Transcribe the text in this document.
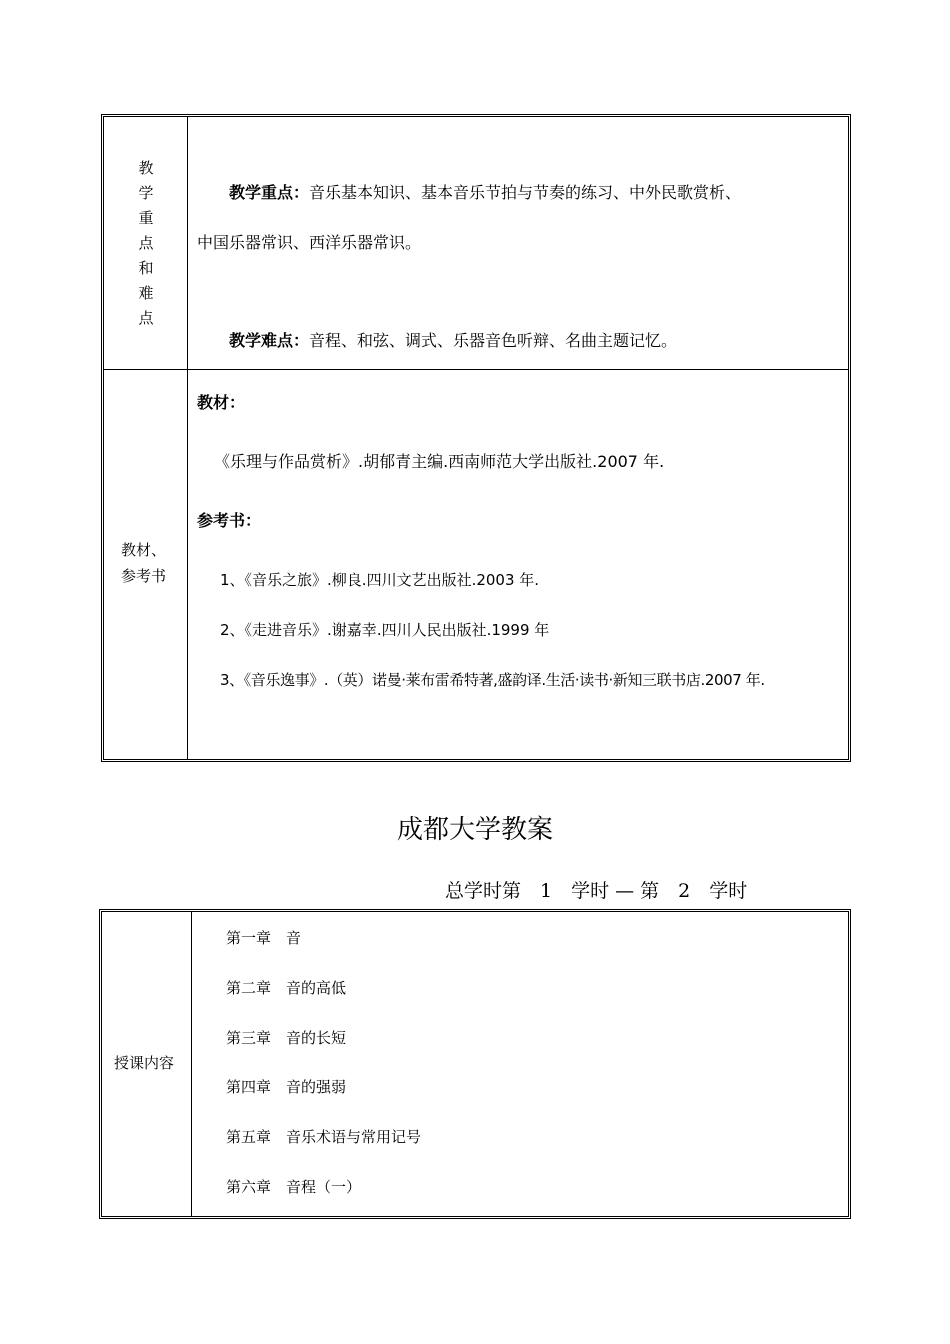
教学重点和难点
教学重点：音乐基本知识、基本音乐节拍与节奏的练习、中外民歌赏析、
中国乐器常识、西洋乐器常识。
教学难点：音程、和弦、调式、乐器音色听辩、名曲主题记忆。
教材、
参考书
教材：
《乐理与作品赏析》.胡郁青主编.西南师范大学出版社.2007 年.
参考书：
1、《音乐之旅》.柳良.四川文艺出版社.2003 年.
2、《走进音乐》.谢嘉幸.四川人民出版社.1999 年
3、《音乐逸事》.（英）诺曼·莱布雷希特著,盛韵译.生活·读书·新知三联书店.2007 年.
成都大学教案
总学时第　1　学时 — 第　2　学时
授课内容
第一章　音
第二章　音的高低
第三章　音的长短
第四章　音的强弱
第五章　音乐术语与常用记号
第六章　音程（一）
